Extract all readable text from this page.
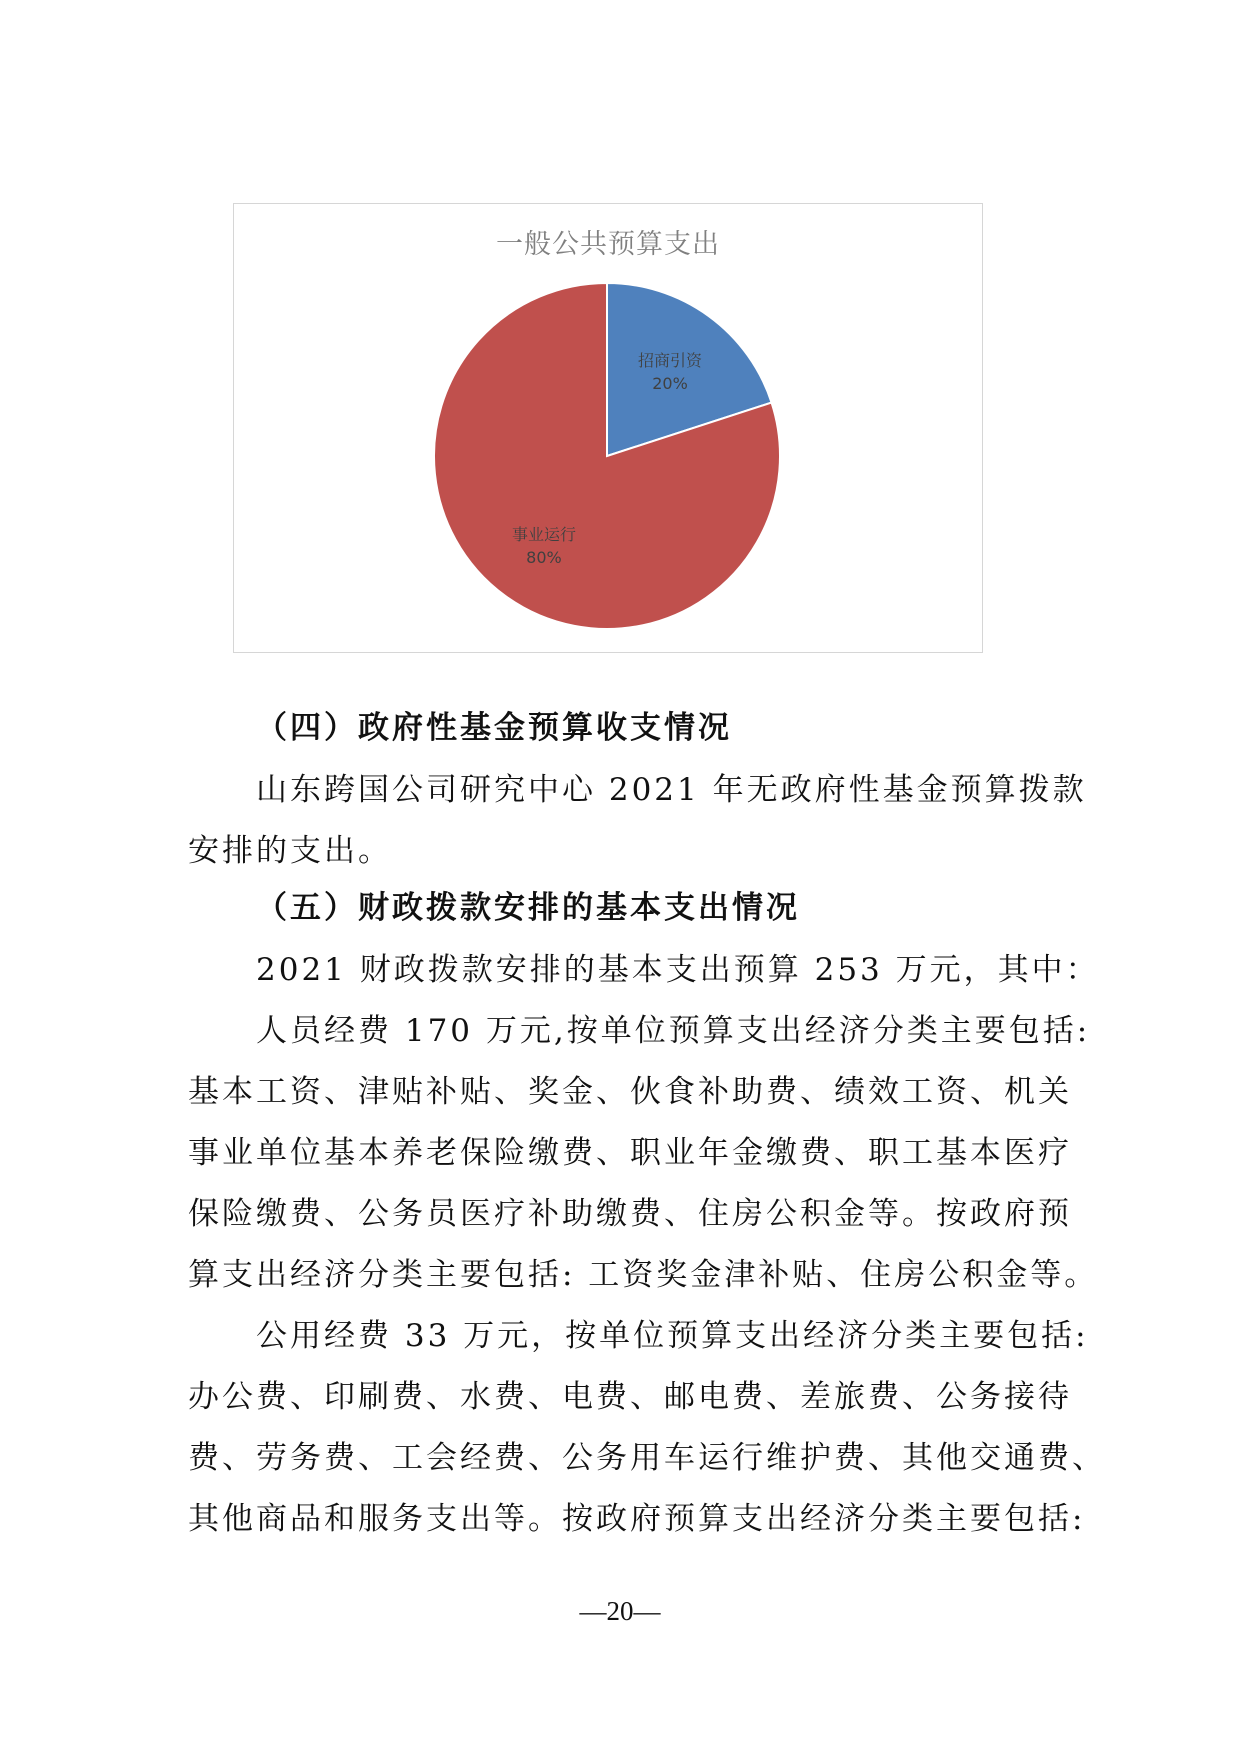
一般公共预算支出
招商引资
20%
事业运行
80%
（四）政府性基金预算收支情况
山东跨国公司研究中心 2021 年无政府性基金预算拨款
安排的支出。
（五）财政拨款安排的基本支出情况
2021 财政拨款安排的基本支出预算 253 万元，其中：
人员经费 170 万元,按单位预算支出经济分类主要包括:
基本工资、津贴补贴、奖金、伙食补助费、绩效工资、机关
事业单位基本养老保险缴费、职业年金缴费、职工基本医疗
保险缴费、公务员医疗补助缴费、住房公积金等。按政府预
算支出经济分类主要包括: 工资奖金津补贴、住房公积金等。
公用经费 33 万元，按单位预算支出经济分类主要包括:
办公费、印刷费、水费、电费、邮电费、差旅费、公务接待
费、劳务费、工会经费、公务用车运行维护费、其他交通费、
其他商品和服务支出等。按政府预算支出经济分类主要包括:
—20—
